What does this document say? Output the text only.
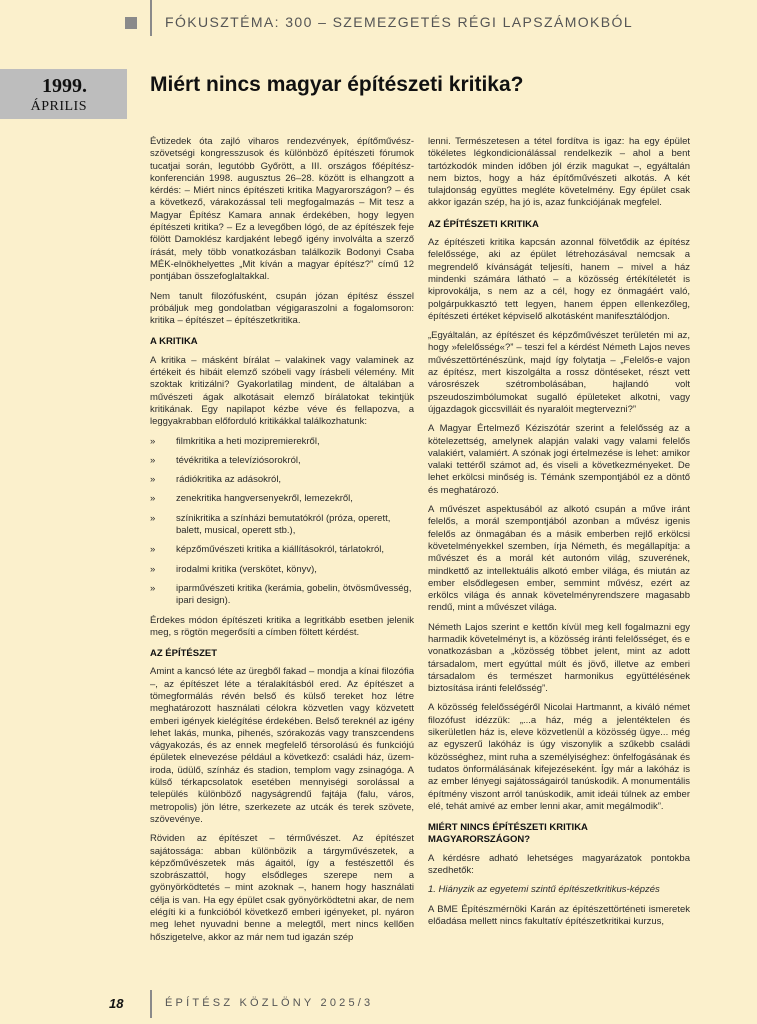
FÓKUSZTÉMA: 300 – SZEMEZGETÉS RÉGI LAPSZÁMOKBÓL
1999.
ÁPRILIS
Miért nincs magyar építészeti kritika?

Évtizedek óta zajló viharos rendezvények, építőművész-szövetségi kongresszusok és különböző építészeti fórumok tucatjai során, legutóbb Győrött, a III. országos főépítész-konferencián 1998. augusztus 26–28. között is elhangzott a kérdés: – Miért nincs építészeti kritika Magyarországon? – és a következő, várakozással teli megfogalmazás – Mit tesz a Magyar Építész Kamara annak érdekében, hogy legyen építészeti kritika? – Ez a levegőben lógó, de az építészek feje fölött Damoklész kardjaként lebegő igény involválta a szerző írását, mely több vonatkozásban találkozik Bodonyi Csaba MÉK-elnökhelyettes „Mit kíván a magyar építész?” című 12 pontjában összefoglaltakkal.

Nem tanult filozófusként, csupán józan építész ésszel próbáljuk meg gondolatban végigaraszolni a fogalomsoron: kritika – építészet – építészetkritika.

A KRITIKA

A kritika – másként bírálat – valakinek vagy valaminek az értékeit és hibáit elemző szóbeli vagy írásbeli vélemény. Mit szoktak kritizálni? Gyakorlatilag mindent, de általában a művészeti ágak alkotásait elemző bírálatokat tekintjük kritikának. Egy napilapot kézbe véve és fellapozva, a leggyakrabban előforduló kritikákkal találkozhatunk:

» filmkritika a heti mozipremierekről,
» tévékritika a televíziósorokról,
» rádiókritika az adásokról,
» zenekritika hangversenyekről, lemezekről,
» színikritika a színházi bemutatókról (próza, operett, balett, musical, operett stb.),
» képzőművészeti kritika a kiállításokról, tárlatokról,
» irodalmi kritika (verskötet, könyv),
» iparművészeti kritika (kerámia, gobelin, ötvösművesség, ipari design).

Érdekes módon építészeti kritika a legritkább esetben jelenik meg, s rögtön megerősíti a címben föltett kérdést.

AZ ÉPÍTÉSZET

Amint a kancsó léte az üregből fakad – mondja a kínai filozófia –, az építészet léte a téralakításból ered. Az építészet a tömegformálás révén belső és külső tereket hoz létre meghatározott használati célokra közvetlen vagy közvetett emberi igények kielégítése érdekében. Belső tereknél az igény lehet lakás, munka, pihenés, szórakozás vagy transzcendens vágyakozás, és az ennek megfelelő térsorolású és funkciójú épületek elnevezése például a következő: családi ház, üzem-iroda, üdülő, színház és stadion, templom vagy zsinagóga. A külső térkapcsolatok esetében mennyiségi sorolással a település különböző nagyságrendű fajtája (falu, város, metropolis) jön létre, szerkezete az utcák és terek szövete, szövevénye.

Röviden az építészet – térművészet. Az építészet sajátossága: abban különbözik a tárgyművészetek, a képzőművészetek más ágaitól, így a festészettől és szobrászattól, hogy elsődleges szerepe nem a gyönyörködtetés – mint azoknak –, hanem hogy használati célja is van. Ha egy épület csak gyönyörködtetni akar, de nem elégíti ki a funkcióból következő emberi igényeket, pl. nyáron meg lehet nyuvadni benne a melegtől, mert nincs kellően hőszigetelve, akkor az már nem tud igazán szép

lenni. Természetesen a tétel fordítva is igaz: ha egy épület tökéletes légkondicionálással rendelkezik – ahol a bent tartózkodók minden időben jól érzik magukat –, egyáltalán nem biztos, hogy a ház építőművészeti alkotás. A két tulajdonság együttes megléte követelmény. Egy épület csak akkor igazán szép, ha jó is, azaz funkciójának megfelel.

AZ ÉPÍTÉSZETI KRITIKA

Az építészeti kritika kapcsán azonnal fölvetődik az építész felelőssége, aki az épület létrehozásával nemcsak a megrendelő kívánságát teljesíti, hanem – mivel a ház mindenki számára látható – a közösség értékítéletét is kiprovokálja, s nem az a cél, hogy ez önmagáért való, polgárpukkasztó tett legyen, hanem éppen ellenkezőleg, építészeti értéket képviselő alkotásként manifesztálódjon.

„Egyáltalán, az építészet és képzőművészet területén mi az, hogy »felelősség«?” – teszi fel a kérdést Németh Lajos neves művészettörténészünk, majd így folytatja – „Felelős-e vajon az építész, mert kiszolgálta a rossz döntéseket, részt vett városrészek szétrombolásában, hajlandó volt pszeudoszimbólumokat sugalló épületeket alkotni, vagy újgazdagok giccsvilláit és nyaralóit megtervezni?”

A Magyar Értelmező Kéziszótár szerint a felelősség az a kötelezettség, amelynek alapján valaki vagy valami felelős valakiért, valamiért. A szónak jogi értelmezése is lehet: amikor valaki tettéről számot ad, és viseli a következményeket. De lehet erkölcsi minőség is. Témánk szempontjából ez a döntő és meghatározó.

A művészet aspektusából az alkotó csupán a műve iránt felelős, a morál szempontjából azonban a művész igenis felelős az önmagában és a másik emberben rejlő erkölcsi követelményekkel szemben, írja Németh, és megállapítja: a művészet és a morál két autonóm világ, szuverének, mindkettő az intellektuális alkotó ember világa, és miután az ember elsődlegesen ember, semmint művész, ezért az erkölcs világa és annak követelményrendszere magasabb rendű, mint a művészet világa.

Németh Lajos szerint e kettőn kívül meg kell fogalmazni egy harmadik követelményt is, a közösség iránti felelősséget, és e vonatkozásban a „közösség többet jelent, mint az adott társadalom, mert egyúttal múlt és jövő, illetve az emberi társadalom és természet harmonikus együttélésének biztosítása iránti felelősség”.

A közösség felelősségéről Nicolai Hartmannt, a kiváló német filozófust idézzük: „...a ház, még a jelentéktelen és sikerületlen ház is, eleve közvetlenül a közösség ügye... még az egyszerű lakóház is úgy viszonylik a szűkebb családi közösséghez, mint ruha a személyiséghez: önfelfogásának és tudatos önformálásának kifejezéseként. Így már a lakóház is az ember lényegi sajátosságairól tanúskodik. A monumentális építmény viszont arról tanúskodik, amit ideái túlnek az ember elé, tehát amivé az ember lenni akar, amit megálmodik”.

MIÉRT NINCS ÉPÍTÉSZETI KRITIKA MAGYARORSZÁGON?

A kérdésre adható lehetséges magyarázatok pontokba szedhetők:

1. Hiányzik az egyetemi szintű építészetkritikus-képzés

A BME Építészmérnöki Karán az építészettörténeti ismeretek előadása mellett nincs fakultatív építészetkritikai kurzus,

18	ÉPÍTÉSZ KÖZLÖNY 2025/3
